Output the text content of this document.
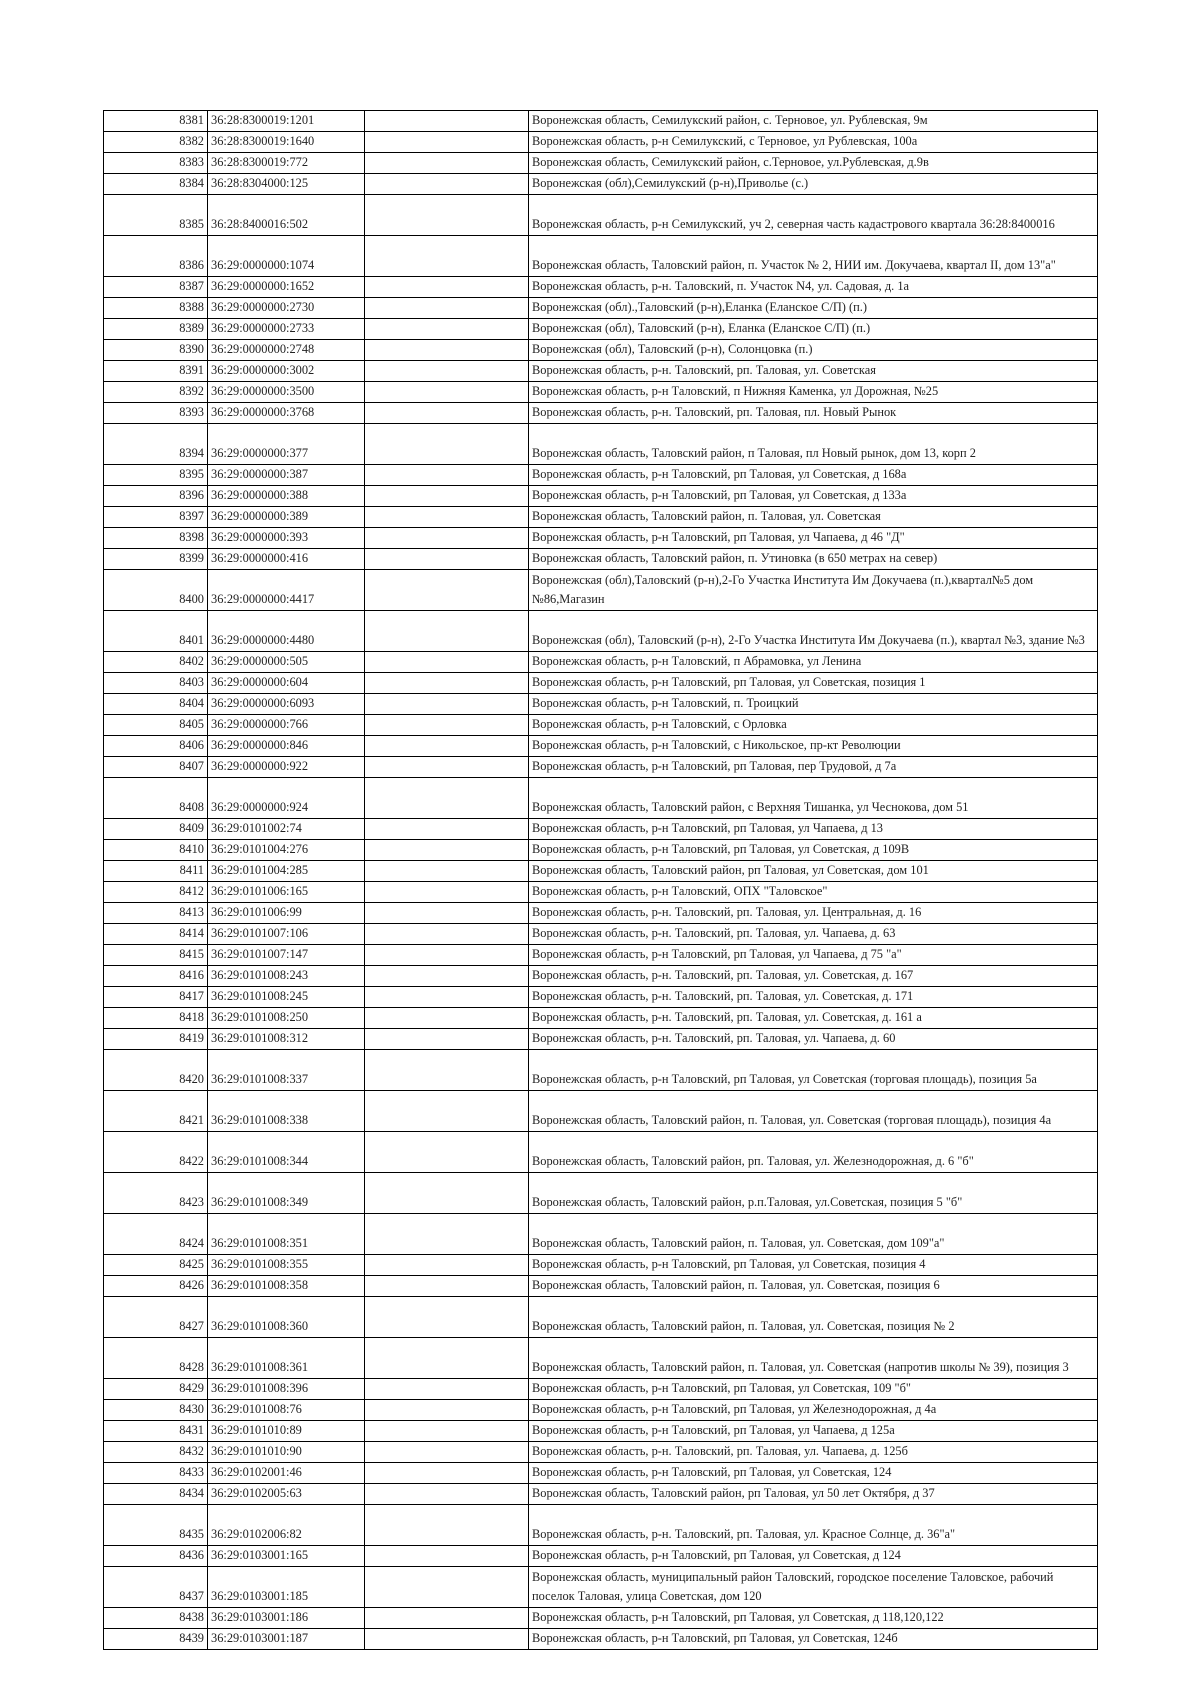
8381	36:28:8300019:1201		Воронежская область, Семилукский район, с. Терновое, ул. Рублевская, 9м
8382	36:28:8300019:1640		Воронежская область, р-н Семилукский, с Терновое, ул Рублевская, 100а
8383	36:28:8300019:772		Воронежская область, Семилукский район, с.Терновое, ул.Рублевская, д.9в
8384	36:28:8304000:125		Воронежская (обл),Семилукский (р-н),Приволье (с.)
8385	36:28:8400016:502		Воронежская область, р-н Семилукский, уч 2, северная часть кадастрового квартала 36:28:8400016
8386	36:29:0000000:1074		Воронежская область, Таловский район, п. Участок № 2, НИИ им. Докучаева, квартал II, дом 13"а"
8387	36:29:0000000:1652		Воронежская область, р-н. Таловский, п. Участок N4, ул. Садовая, д. 1а
8388	36:29:0000000:2730		Воронежская (обл).,Таловский (р-н),Еланка (Еланское С/П) (п.)
8389	36:29:0000000:2733		Воронежская (обл), Таловский (р-н), Еланка (Еланское С/П) (п.)
8390	36:29:0000000:2748		Воронежская (обл), Таловский (р-н), Солонцовка (п.)
8391	36:29:0000000:3002		Воронежская область, р-н. Таловский, рп. Таловая, ул. Советская
8392	36:29:0000000:3500		Воронежская область, р-н Таловский, п Нижняя Каменка, ул Дорожная, №25
8393	36:29:0000000:3768		Воронежская область, р-н. Таловский, рп. Таловая, пл. Новый Рынок
8394	36:29:0000000:377		Воронежская область, Таловский район, п Таловая, пл Новый рынок, дом 13, корп 2
8395	36:29:0000000:387		Воронежская область, р-н Таловский, рп Таловая, ул Советская, д 168а
8396	36:29:0000000:388		Воронежская область, р-н Таловский, рп Таловая, ул Советская, д 133а
8397	36:29:0000000:389		Воронежская область, Таловский район, п. Таловая, ул. Советская
8398	36:29:0000000:393		Воронежская область, р-н Таловский, рп Таловая, ул Чапаева, д 46 "Д"
8399	36:29:0000000:416		Воронежская область, Таловский район, п. Утиновка (в 650 метрах на север)
8400	36:29:0000000:4417		Воронежская (обл),Таловский (р-н),2-Го Участка Института Им Докучаева (п.),квартал№5 дом №86,Магазин
8401	36:29:0000000:4480		Воронежская (обл), Таловский (р-н), 2-Го Участка Института Им Докучаева (п.), квартал №3, здание №3
8402	36:29:0000000:505		Воронежская область, р-н Таловский, п Абрамовка, ул Ленина
8403	36:29:0000000:604		Воронежская область, р-н Таловский, рп Таловая, ул Советская, позиция 1
8404	36:29:0000000:6093		Воронежская область, р-н Таловский, п. Троицкий
8405	36:29:0000000:766		Воронежская область, р-н Таловский, с Орловка
8406	36:29:0000000:846		Воронежская область, р-н Таловский, с Никольское, пр-кт Революции
8407	36:29:0000000:922		Воронежская область, р-н Таловский, рп Таловая, пер Трудовой, д 7а
8408	36:29:0000000:924		Воронежская область, Таловский район, с Верхняя Тишанка, ул Чеснокова, дом 51
8409	36:29:0101002:74		Воронежская область, р-н Таловский, рп Таловая, ул Чапаева, д 13
8410	36:29:0101004:276		Воронежская область, р-н Таловский, рп Таловая, ул Советская, д 109В
8411	36:29:0101004:285		Воронежская область, Таловский район, рп Таловая, ул Советская, дом 101
8412	36:29:0101006:165		Воронежская область, р-н Таловский, ОПХ "Таловское"
8413	36:29:0101006:99		Воронежская область, р-н. Таловский, рп. Таловая, ул. Центральная, д. 16
8414	36:29:0101007:106		Воронежская область, р-н. Таловский, рп. Таловая, ул. Чапаева, д. 63
8415	36:29:0101007:147		Воронежская область, р-н Таловский, рп Таловая, ул Чапаева, д 75 "а"
8416	36:29:0101008:243		Воронежская область, р-н. Таловский, рп. Таловая, ул. Советская, д. 167
8417	36:29:0101008:245		Воронежская область, р-н. Таловский, рп. Таловая, ул. Советская, д. 171
8418	36:29:0101008:250		Воронежская область, р-н. Таловский, рп. Таловая, ул. Советская, д. 161 а
8419	36:29:0101008:312		Воронежская область, р-н. Таловский, рп. Таловая, ул. Чапаева, д. 60
8420	36:29:0101008:337		Воронежская область, р-н Таловский, рп Таловая, ул Советская (торговая площадь), позиция 5а
8421	36:29:0101008:338		Воронежская область, Таловский район, п. Таловая, ул. Советская (торговая площадь), позиция 4а
8422	36:29:0101008:344		Воронежская область, Таловский район, рп. Таловая, ул. Железнодорожная, д. 6 "б"
8423	36:29:0101008:349		Воронежская область, Таловский район, р.п.Таловая, ул.Советская, позиция 5 "б"
8424	36:29:0101008:351		Воронежская область, Таловский район, п. Таловая, ул. Советская, дом 109"а"
8425	36:29:0101008:355		Воронежская область, р-н Таловский, рп Таловая, ул Советская, позиция 4
8426	36:29:0101008:358		Воронежская область, Таловский район, п. Таловая, ул. Советская, позиция 6
8427	36:29:0101008:360		Воронежская область, Таловский район, п. Таловая, ул. Советская, позиция № 2
8428	36:29:0101008:361		Воронежская область, Таловский район, п. Таловая, ул. Советская (напротив школы № 39), позиция 3
8429	36:29:0101008:396		Воронежская область, р-н Таловский, рп Таловая, ул Советская, 109 "б"
8430	36:29:0101008:76		Воронежская область, р-н Таловский, рп Таловая, ул Железнодорожная, д 4а
8431	36:29:0101010:89		Воронежская область, р-н Таловский, рп Таловая, ул Чапаева, д 125а
8432	36:29:0101010:90		Воронежская область, р-н. Таловский, рп. Таловая, ул. Чапаева, д. 125б
8433	36:29:0102001:46		Воронежская область, р-н Таловский, рп Таловая, ул Советская, 124
8434	36:29:0102005:63		Воронежская область, Таловский район, рп Таловая, ул 50 лет Октября, д 37
8435	36:29:0102006:82		Воронежская область, р-н. Таловский, рп. Таловая, ул. Красное Солнце, д. 36"а"
8436	36:29:0103001:165		Воронежская область, р-н Таловский, рп Таловая, ул Советская, д 124
8437	36:29:0103001:185		Воронежская область, муниципальный район Таловский, городское поселение Таловское, рабочий поселок Таловая, улица Советская, дом 120
8438	36:29:0103001:186		Воронежская область, р-н Таловский, рп Таловая, ул Советская, д 118,120,122
8439	36:29:0103001:187		Воронежская область, р-н Таловский, рп Таловая, ул Советская, 124б
